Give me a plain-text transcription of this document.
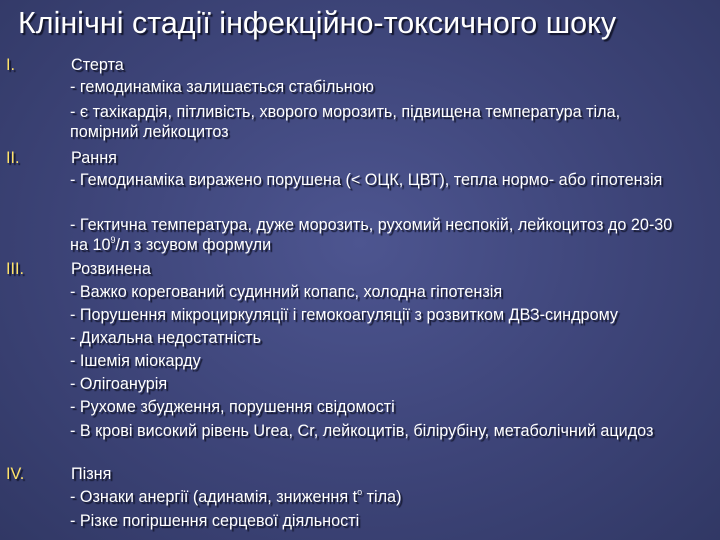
Клінічні стадії інфекційно-токсичного шоку
I.	Стерта
- гемодинаміка залишається стабільною
- є тахікардія, пітливість, хворого морозить, підвищена температура тіла, помірний лейкоцитоз
II.	Рання
- Гемодинаміка виражено порушена (< ОЦК, ЦВТ), тепла нормо- або гіпотензія
- Гектична температура, дуже морозить, рухомий неспокій, лейкоцитоз до 20-30 на $10^9/л$ з зсувом формули
III.	Розвинена
- Важко корегований судинний копапс, холодна гіпотензія
- Порушення мікроциркуляції і гемокоагуляції з розвитком ДВЗ-синдрому
- Дихальна недостатність
- Ішемія міокарду
- Олігоанурія
- Рухоме збудження, порушення свідомості
- В крові високий рівень Urea, Cr, лейкоцитів, білірубіну, метаболічний ацидоз
IV.	Пізня
- Ознаки анергії (адинамія, зниження $t^о$ тіла)
- Різке погіршення серцевої діяльності
